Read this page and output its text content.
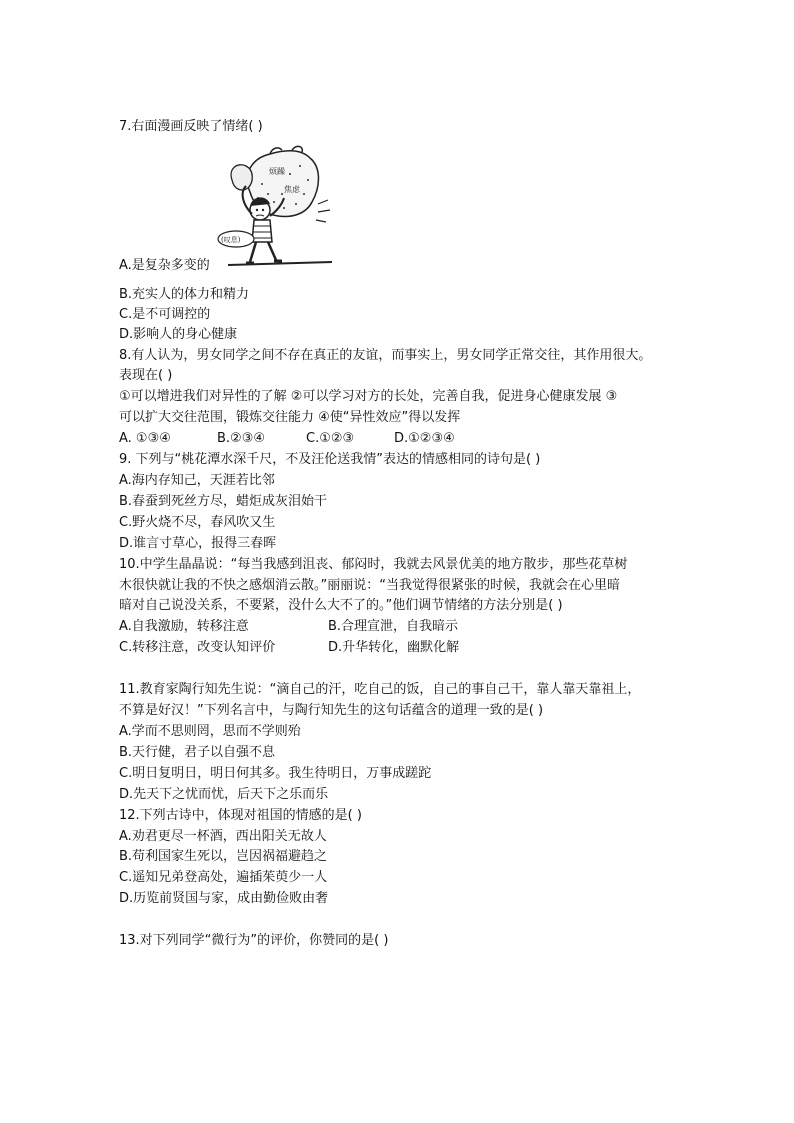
7.右面漫画反映了情绪( )
烦躁
焦虑
(叹息)
A.是复杂多变的
B.充实人的体力和精力
C.是不可调控的
D.影响人的身心健康
8.有人认为，男女同学之间不存在真正的友谊，而事实上，男女同学正常交往，其作用很大。
表现在( )
①可以增进我们对异性的了解 ②可以学习对方的长处，完善自我，促进身心健康发展 ③
可以扩大交往范围，锻炼交往能力 ④使“异性效应”得以发挥
A. ①③④	B.②③④	C.①②③	D.①②③④
9. 下列与“桃花潭水深千尺，不及汪伦送我情”表达的情感相同的诗句是( )
A.海内存知己，天涯若比邻
B.春蚕到死丝方尽，蜡炬成灰泪始干
C.野火烧不尽，春风吹又生
D.谁言寸草心，报得三春晖
10.中学生晶晶说：“每当我感到沮丧、郁闷时，我就去风景优美的地方散步，那些花草树
木很快就让我的不快之感烟消云散。”丽丽说：“当我觉得很紧张的时候，我就会在心里暗
暗对自己说没关系，不要紧，没什么大不了的。”他们调节情绪的方法分别是( )
A.自我激励，转移注意	B.合理宣泄，自我暗示
C.转移注意，改变认知评价	D.升华转化，幽默化解
11.教育家陶行知先生说：“滴自己的汗，吃自己的饭，自己的事自己干，靠人靠天靠祖上，
不算是好汉！”下列名言中，与陶行知先生的这句话蕴含的道理一致的是( )
A.学而不思则罔，思而不学则殆
B.天行健，君子以自强不息
C.明日复明日，明日何其多。我生待明日，万事成蹉跎
D.先天下之忧而忧，后天下之乐而乐
12.下列古诗中，体现对祖国的情感的是( )
A.劝君更尽一杯酒，西出阳关无故人
B.苟利国家生死以，岂因祸福避趋之
C.遥知兄弟登高处，遍插茱萸少一人
D.历览前贤国与家，成由勤俭败由奢
13.对下列同学“微行为”的评价，你赞同的是( )
